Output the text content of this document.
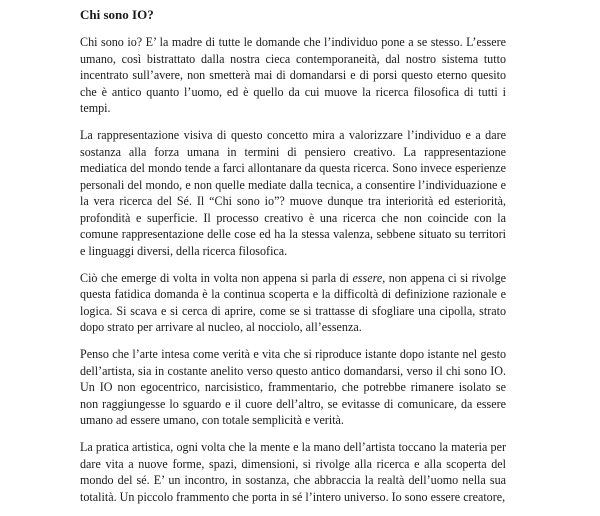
Chi sono IO?

Chi sono io? E’ la madre di tutte le domande che l’individuo pone a se stesso. L’essere umano, così bistrattato dalla nostra cieca contemporaneità, dal nostro sistema tutto incentrato sull’avere, non smetterà mai di domandarsi e di porsi questo eterno quesito che è antico quanto l’uomo, ed è quello da cui muove la ricerca filosofica di tutti i tempi.

La rappresentazione visiva di questo concetto mira a valorizzare l’individuo e a dare sostanza alla forza umana in termini di pensiero creativo. La rappresentazione mediatica del mondo tende a farci allontanare da questa ricerca. Sono invece esperienze personali del mondo, e non quelle mediate dalla tecnica, a consentire l’individuazione e la vera ricerca del Sé. Il “Chi sono io”? muove dunque tra interiorità ed esteriorità, profondità e superficie. Il processo creativo è una ricerca che non coincide con la comune rappresentazione delle cose ed ha la stessa valenza, sebbene situato su territori e linguaggi diversi, della ricerca filosofica.

Ciò che emerge di volta in volta non appena si parla di essere, non appena ci si rivolge questa fatidica domanda è la continua scoperta e la difficoltà di definizione razionale e logica. Si scava e si cerca di aprire, come se si trattasse di sfogliare una cipolla, strato dopo strato per arrivare al nucleo, al nocciolo, all’essenza.

Penso che l’arte intesa come verità e vita che si riproduce istante dopo istante nel gesto dell’artista, sia in costante anelito verso questo antico domandarsi, verso il chi sono IO. Un IO non egocentrico, narcisistico, frammentario, che potrebbe rimanere isolato se non raggiungesse lo sguardo e il cuore dell’altro, se evitasse di comunicare, da essere umano ad essere umano, con totale semplicità e verità.

La pratica artistica, ogni volta che la mente e la mano dell’artista toccano la materia per dare vita a nuove forme, spazi, dimensioni, si rivolge alla ricerca e alla scoperta del mondo del sé. E’ un incontro, in sostanza, che abbraccia la realtà dell’uomo nella sua totalità. Un piccolo frammento che porta in sé l’intero universo. Io sono essere creatore,
